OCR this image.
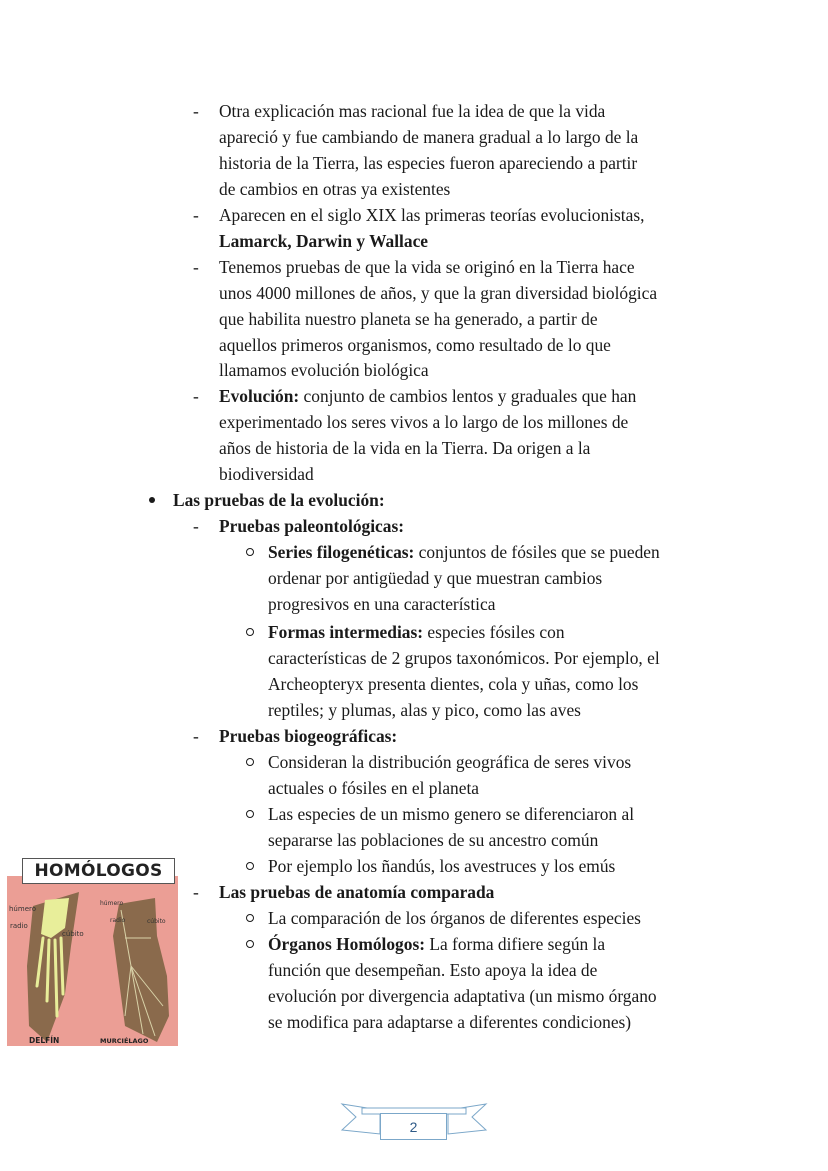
- Otra explicación mas racional fue la idea de que la vida
apareció y fue cambiando de manera gradual a lo largo de la
historia de la Tierra, las especies fueron apareciendo a partir
de cambios en otras ya existentes
- Aparecen en el siglo XIX las primeras teorías evolucionistas,
Lamarck, Darwin y Wallace
- Tenemos pruebas de que la vida se originó en la Tierra hace
unos 4000 millones de años, y que la gran diversidad biológica
que habilita nuestro planeta se ha generado, a partir de
aquellos primeros organismos, como resultado de lo que
llamamos evolución biológica
- Evolución: conjunto de cambios lentos y graduales que han
experimentado los seres vivos a lo largo de los millones de
años de historia de la vida en la Tierra. Da origen a la
biodiversidad
Las pruebas de la evolución:
- Pruebas paleontológicas:
Series filogenéticas: conjuntos de fósiles que se pueden
ordenar por antigüedad y que muestran cambios
progresivos en una característica
Formas intermedias: especies fósiles con
características de 2 grupos taxonómicos. Por ejemplo, el
Archeopteryx presenta dientes, cola y uñas, como los
reptiles; y plumas, alas y pico, como las aves
- Pruebas biogeográficas:
Consideran la distribución geográfica de seres vivos
actuales o fósiles en el planeta
Las especies de un mismo genero se diferenciaron al
separarse las poblaciones de su ancestro común
Por ejemplo los ñandús, los avestruces y los emús
- Las pruebas de anatomía comparada
La comparación de los órganos de diferentes especies
Órganos Homólogos: La forma difiere según la
función que desempeñan. Esto apoya la idea de
evolución por divergencia adaptativa (un mismo órgano
se modifica para adaptarse a diferentes condiciones)
HOMÓLOGOS
húmero
radio
cúbito
húmero
radio	cúbito
DELFÍN	MURCIÉLAGO
2
